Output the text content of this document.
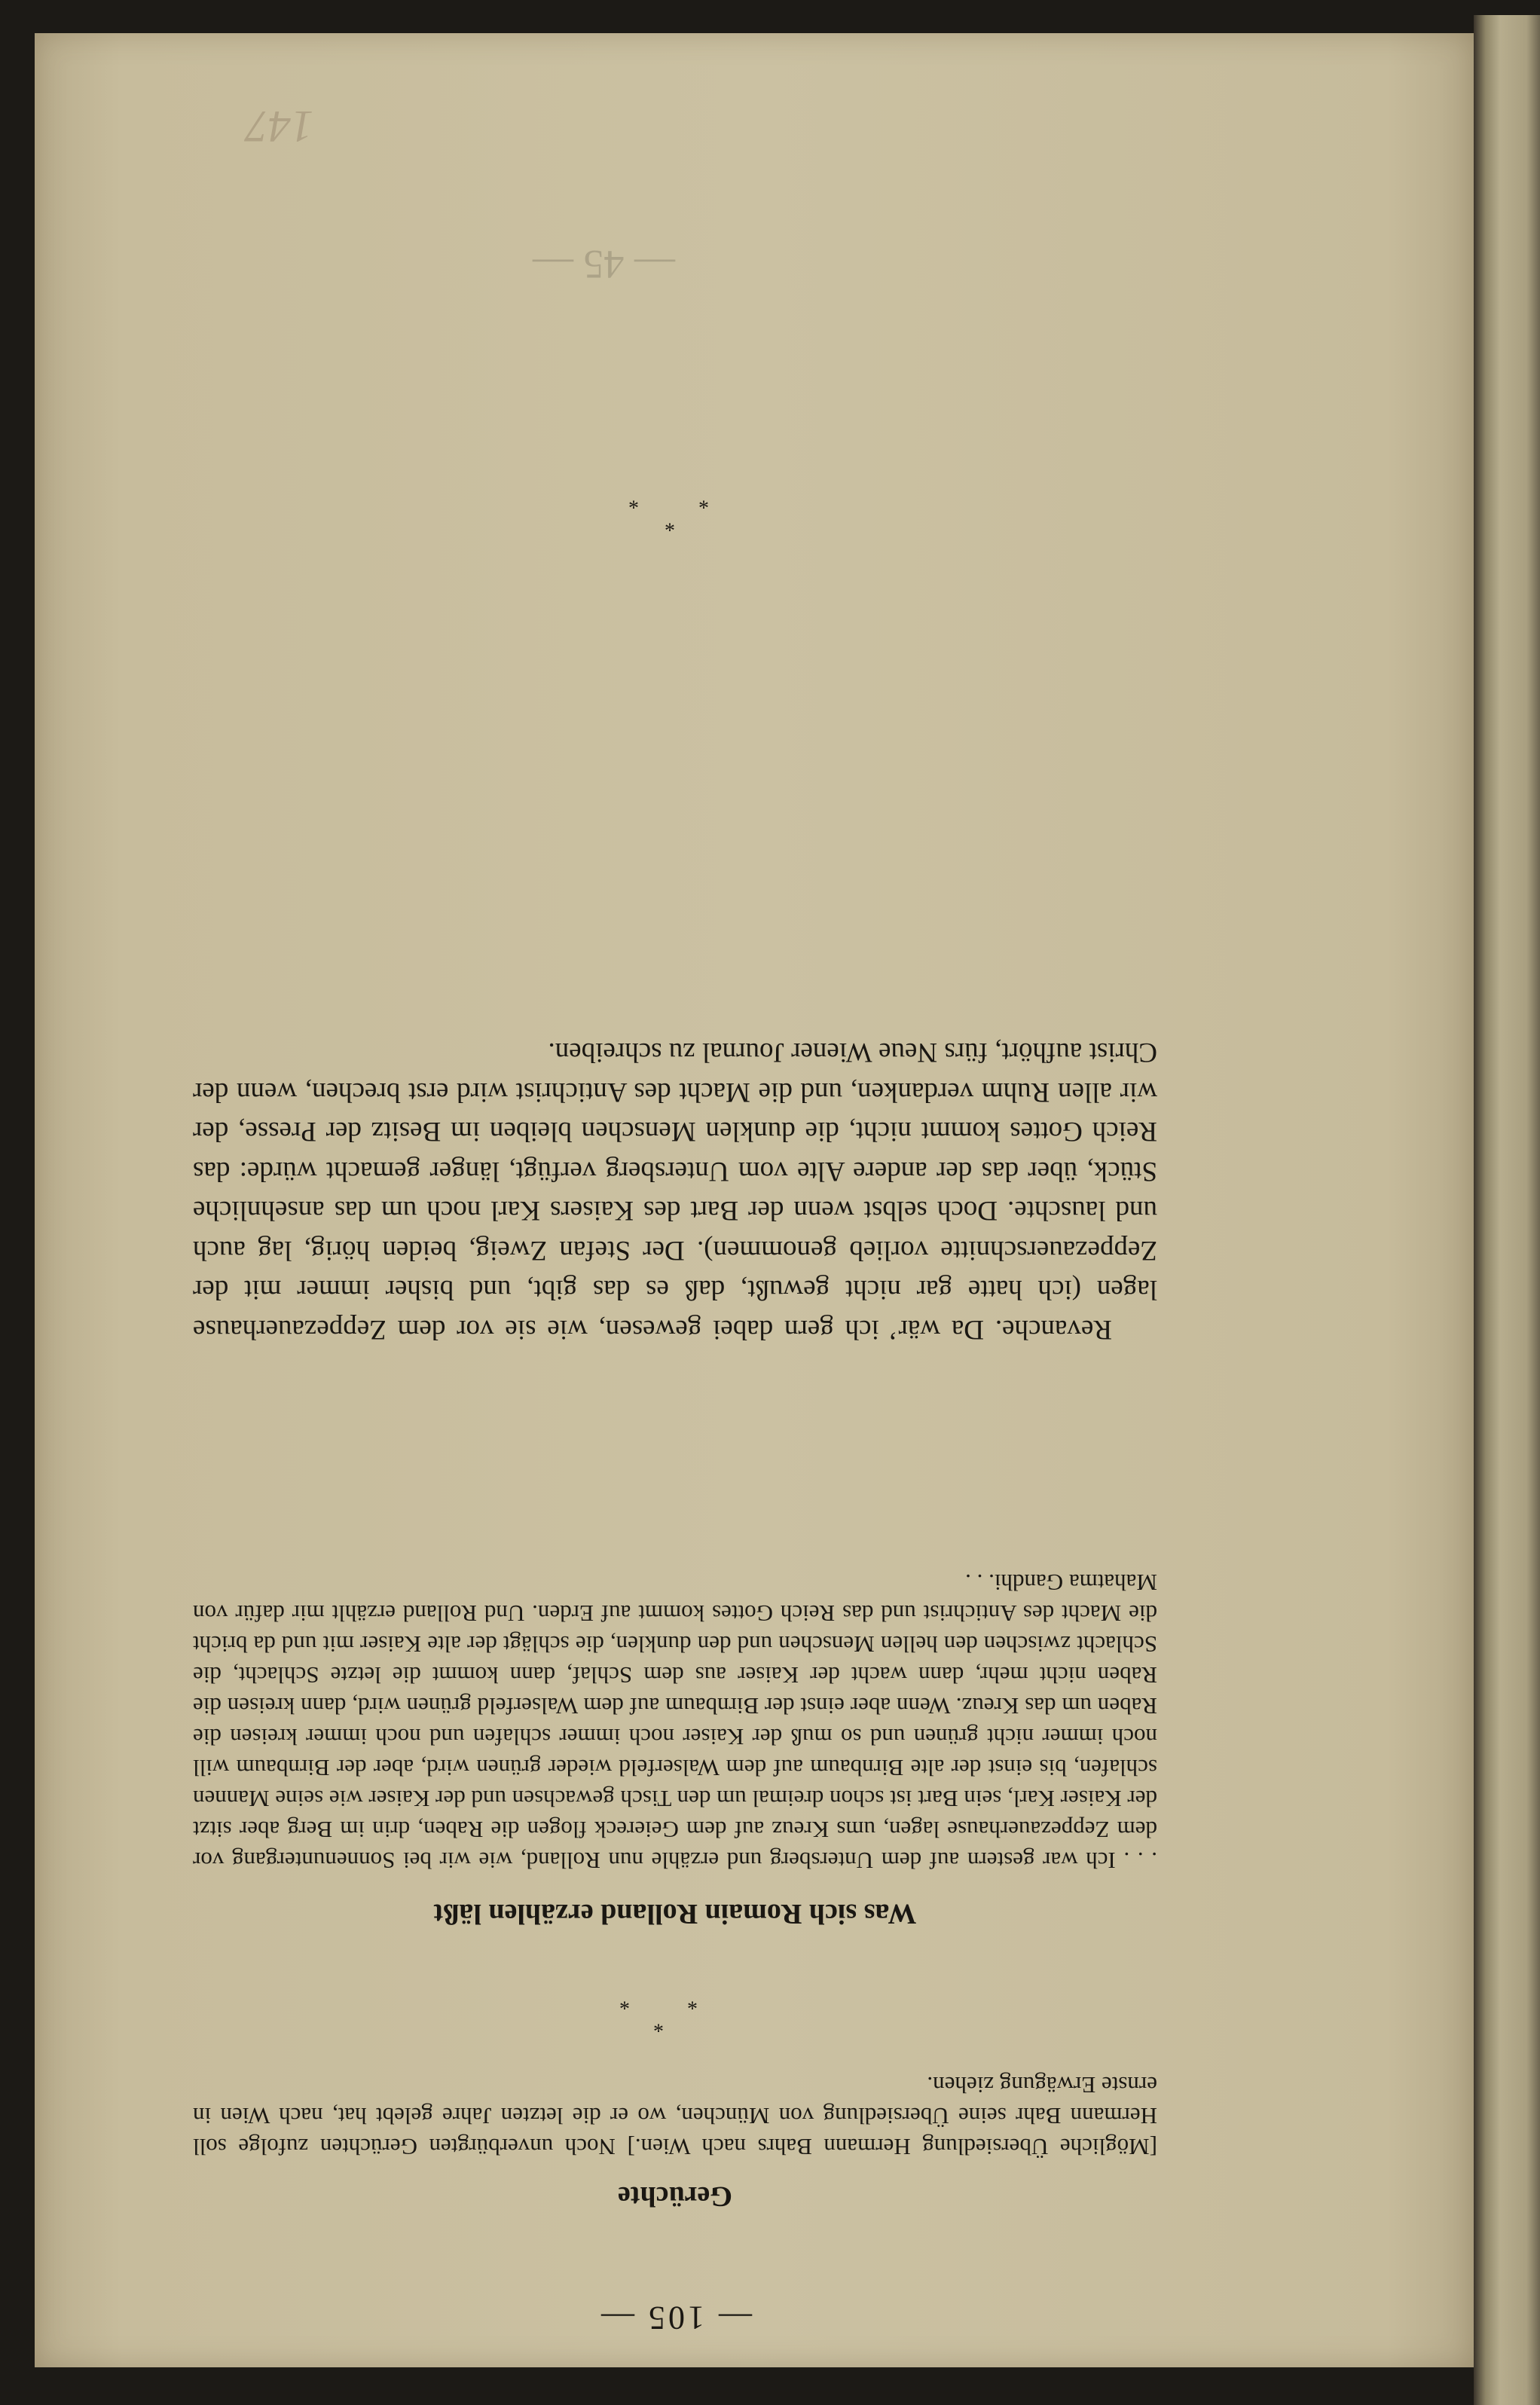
— 105 —
Gerüchte

[Mögliche Übersiedlung Hermann Bahrs nach Wien.] Noch unverbürgten Gerüchten zufolge soll Hermann Bahr seine Übersiedlung von München, wo er die letzten Jahre gelebt hat, nach Wien in ernste Erwägung ziehen.

*
*
*
Was sich Romain Rolland erzählen läßt

. . . Ich war gestern auf dem Untersberg und erzähle nun Rolland, wie wir bei Sonnenuntergang vor dem Zeppezauerhause lagen, ums Kreuz auf dem Geiereck flogen die Raben, drin im Berg aber sitzt der Kaiser Karl, sein Bart ist schon dreimal um den Tisch gewachsen und der Kaiser wie seine Mannen schlafen, bis einst der alte Birnbaum auf dem Walserfeld wieder grünen wird, aber der Birnbaum will noch immer nicht grünen und so muß der Kaiser noch immer schlafen und noch immer kreisen die Raben um das Kreuz. Wenn aber einst der Birnbaum auf dem Walserfeld grünen wird, dann kreisen die Raben nicht mehr, dann wacht der Kaiser aus dem Schlaf, dann kommt die letzte Schlacht, die Schlacht zwischen den hellen Menschen und den dunklen, die schlägt der alte Kaiser mit und da bricht die Macht des Antichrist und das Reich Gottes kommt auf Erden. Und Rolland erzählt mir dafür von Mahatma Gandhi. . .

Revanche. Da wär’ ich gern dabei gewesen, wie sie vor dem Zeppezauerhause lagen (ich hatte gar nicht gewußt, daß es das gibt, und bisher immer mit der Zeppezauerschnitte vorlieb genommen). Der Stefan Zweig, beiden hörig, lag auch und lauschte. Doch selbst wenn der Bart des Kaisers Karl noch um das ansehnliche Stück, über das der andere Alte vom Untersberg verfügt, länger gemacht würde: das Reich Gottes kommt nicht, die dunklen Menschen bleiben im Besitz der Presse, der wir allen Ruhm verdanken, und die Macht des Antichrist wird erst brechen, wenn der Christ aufhört, fürs Neue Wiener Journal zu schreiben.

*
*
*
— 45 —
147
